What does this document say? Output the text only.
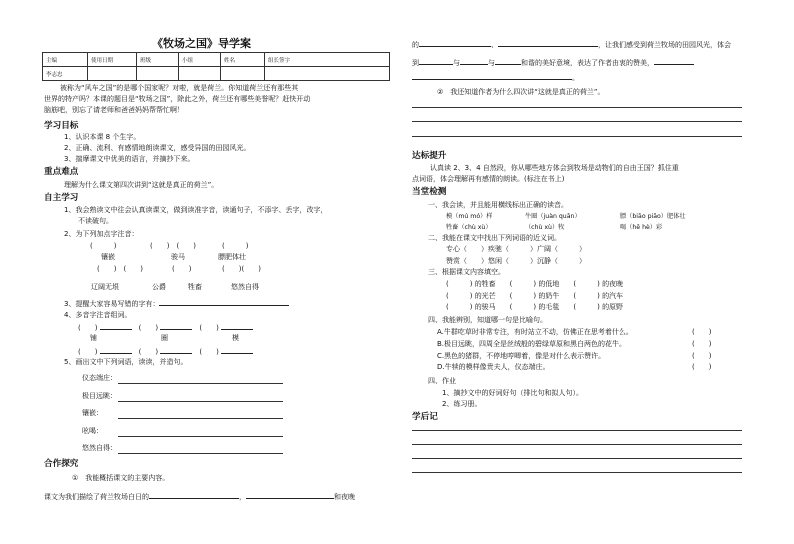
《牧场之国》导学案
主编	使用日期	班级	小组	姓名	组长签字
李志忠					
被称为“风车之国”的是哪个国家呢？对啦，就是荷兰。你知道荷兰还有那些其
世界的特产吗？本课的题目是“牧场之国”，除此之外，荷兰还有哪些美誉呢？赶快开动
脑筋吧，别忘了请老师和爸爸妈妈帮帮忙啊！
学习目标
1、认识本课 8 个生字。
2、正确、流利、有感情地朗读课文，感受异国的田园风光。
3、揣摩课文中优美的语言，并摘抄下来。
重点难点
理解为什么课文第四次讲到“这就是真正的荷兰”。
自主学习
1、我会熟读文中往会认真读课文，做到读准字音，读通句子，不添字、丢字，改字，
不读破句。
2、为下列加点字注音：
(　　　)	(　　)　(　　)	(　　　)
镶嵌	骏马	膘肥体壮
(　　)　(　　)	(　　)	(　　)(　　)
辽阔无垠	公爵	牲畜	悠然自得
3、提醒大家容易写错的字有：
4、多音字注音组词。
(　　)	　(　　)	　(　　)
铺	圈	模
(　　)	　(　　)	　(　　)
5、画出文中下列词语，读读，并造句。
仪态端庄：
极目远眺：
镶嵌：
吆喝：
悠然自得：
合作探究
①　我能概括课文的主要内容。
课文为我们描绘了荷兰牧场白日的	，	和夜晚
的	、	，让我们感受到荷兰牧场的田园风光，体会
到	与	与	和谐的美好意境，表达了作者由衷的赞美，
。
②　我还知道作者为什么四次讲“这就是真正的荷兰”。
达标提升
认真读 2、3、4 自然段，你从哪些地方体会到牧场是动物们的自由王国？抓住重
点词语，体会理解再有感情的朗读。(标注在书上)
当堂检测
一、我会读，并且能用横线标出正确的读音。
模（mú mó）样	牛圈（juàn quān）	膘（biāo piāo）肥体壮
牲畜（chù xù）	（chù xù）牧	喝（hē hè）彩
二、我能在课文中找出下列词语的近义词。
专心（　　 ）疾驰（　　　	）广阔（　　　	）
赞赏（　　 ）悠闲（　　　	）沉静（　　　	）
三、根据课文内容填空。
(　　　) 的牲畜　　(　　　) 的低地　　(　　　) 的夜晚
(　　　) 的光芒　　(　　　) 的奶牛　　(　　　) 的汽车
(　　　) 的骏马　　(　　　) 的毛毯　　(　　　) 的原野
四、我能辨别，知道哪一句是比喻句。
A.牛群吃草时非常专注，有时站立不动，仿佛正在思考着什么。	(　　)
B.极目远眺，四周全是丝绒般的碧绿草原和黑白两色的花牛。	(　　)
C.黑色的猪群，不停地哼唧着，像是对什么表示赞许。	(　　)
D.牛犊的模样像贵夫人，仪态端庄。	(　　)
四、作业
1、摘抄文中的好词好句（排比句和拟人句）。
2、练习册。
学后记
